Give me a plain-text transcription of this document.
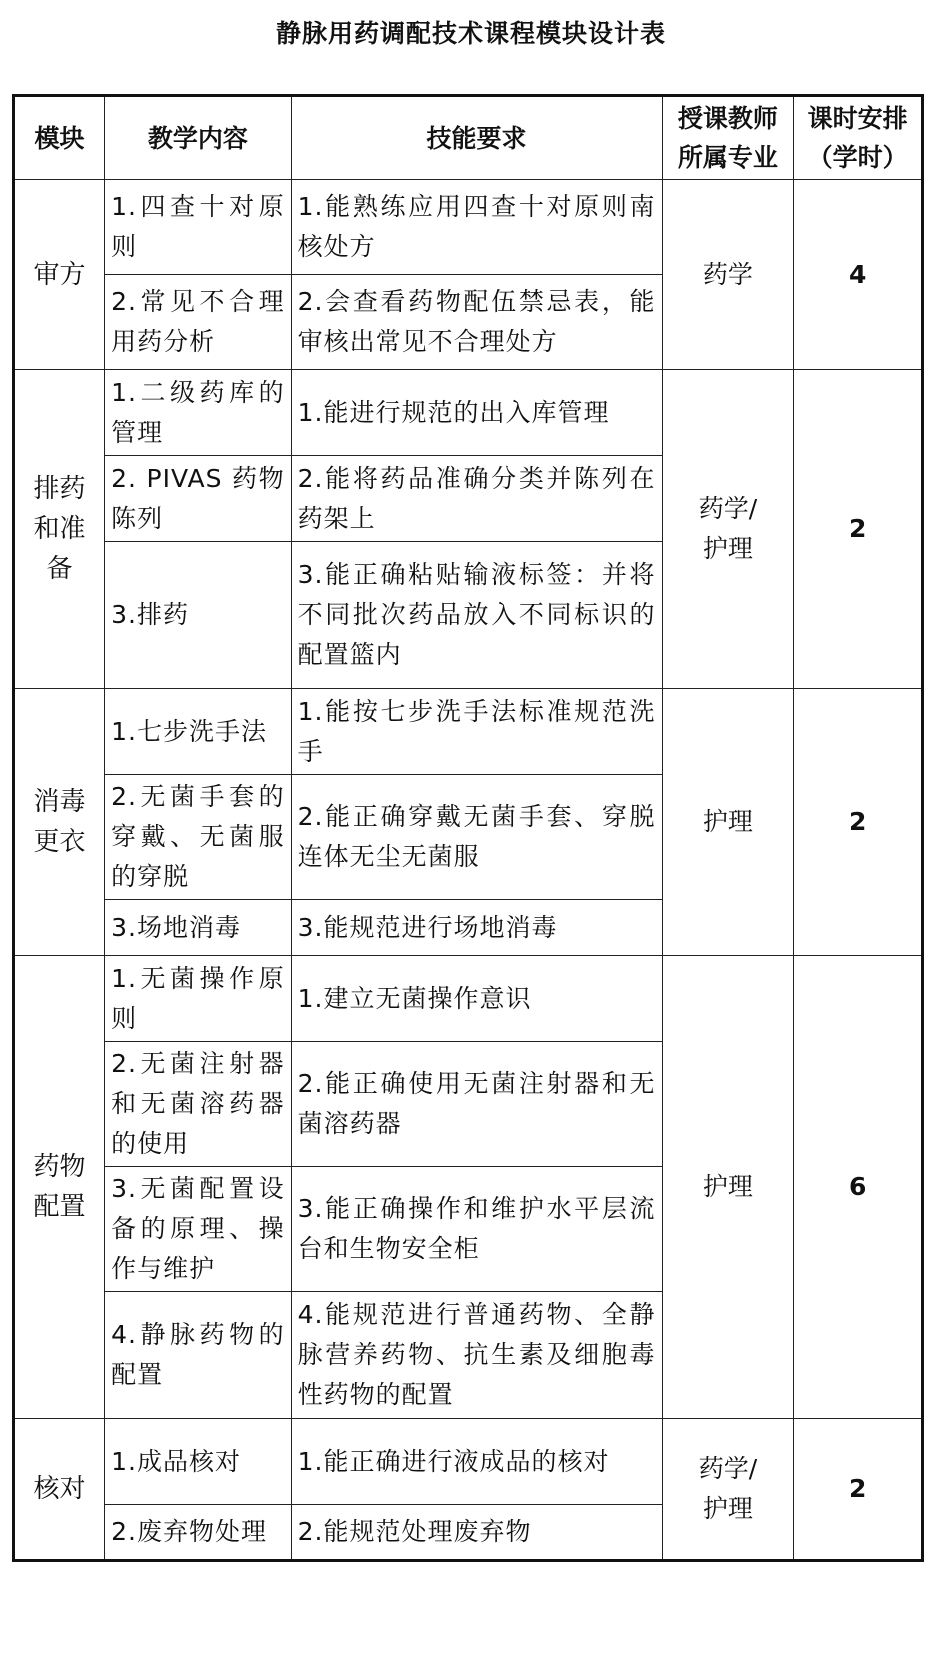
静脉用药调配技术课程模块设计表
模块	教学内容	技能要求	授课教师所属专业	课时安排（学时）
审方	1.四查十对原则	1.能熟练应用四查十对原则南核处方	药学	4
	2.常见不合理用药分析	2.会查看药物配伍禁忌表，能审核出常见不合理处方		
排药和准备	1.二级药库的管理	1.能进行规范的出入库管理	药学/护理	2
	2. PIVAS 药物陈列	2.能将药品准确分类并陈列在药架上		
	3.排药	3.能正确粘贴输液标签：并将不同批次药品放入不同标识的配置篮内		
消毒更衣	1.七步洗手法	1.能按七步洗手法标准规范洗手	护理	2
	2.无菌手套的穿戴、无菌服的穿脱	2.能正确穿戴无菌手套、穿脱连体无尘无菌服		
	3.场地消毒	3.能规范进行场地消毒		
药物配置	1.无菌操作原则	1.建立无菌操作意识	护理	6
	2.无菌注射器和无菌溶药器的使用	2.能正确使用无菌注射器和无菌溶药器		
	3.无菌配置设备的原理、操作与维护	3.能正确操作和维护水平层流台和生物安全柜		
	4.静脉药物的配置	4.能规范进行普通药物、全静脉营养药物、抗生素及细胞毒性药物的配置		
核对	1.成品核对	1.能正确进行液成品的核对	药学/护理	2
	2.废弃物处理	2.能规范处理废弃物		
